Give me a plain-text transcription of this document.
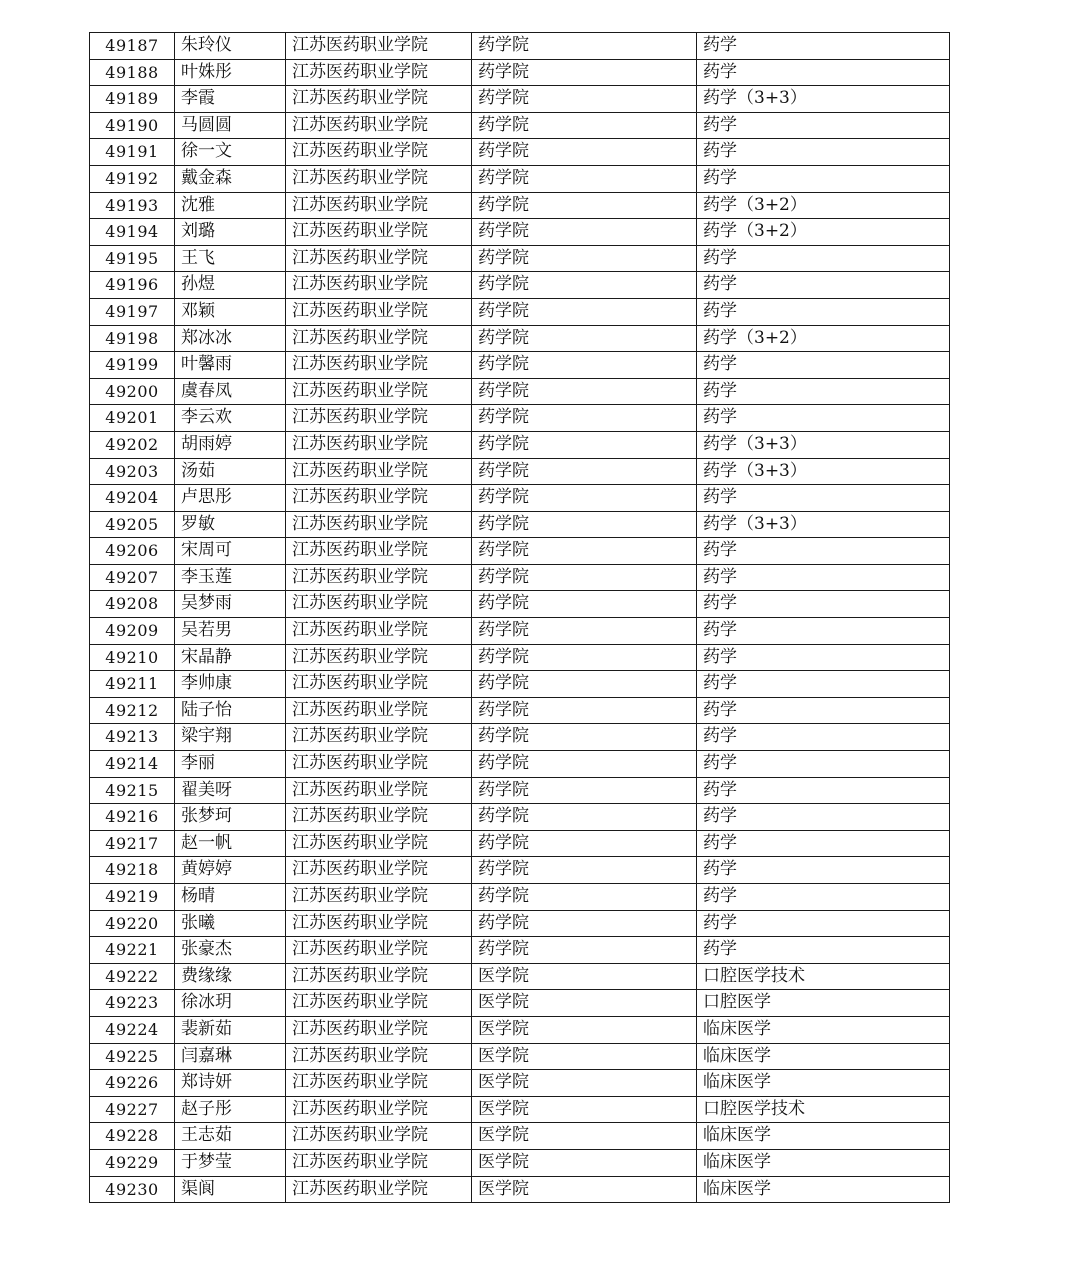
49187	朱玲仪	江苏医药职业学院	药学院	药学
49188	叶姝彤	江苏医药职业学院	药学院	药学
49189	李霞	江苏医药职业学院	药学院	药学（3+3）
49190	马圆圆	江苏医药职业学院	药学院	药学
49191	徐一文	江苏医药职业学院	药学院	药学
49192	戴金森	江苏医药职业学院	药学院	药学
49193	沈雅	江苏医药职业学院	药学院	药学（3+2）
49194	刘璐	江苏医药职业学院	药学院	药学（3+2）
49195	王飞	江苏医药职业学院	药学院	药学
49196	孙煜	江苏医药职业学院	药学院	药学
49197	邓颖	江苏医药职业学院	药学院	药学
49198	郑冰冰	江苏医药职业学院	药学院	药学（3+2）
49199	叶馨雨	江苏医药职业学院	药学院	药学
49200	虞春凤	江苏医药职业学院	药学院	药学
49201	李云欢	江苏医药职业学院	药学院	药学
49202	胡雨婷	江苏医药职业学院	药学院	药学（3+3）
49203	汤茹	江苏医药职业学院	药学院	药学（3+3）
49204	卢思彤	江苏医药职业学院	药学院	药学
49205	罗敏	江苏医药职业学院	药学院	药学（3+3）
49206	宋周可	江苏医药职业学院	药学院	药学
49207	李玉莲	江苏医药职业学院	药学院	药学
49208	吴梦雨	江苏医药职业学院	药学院	药学
49209	吴若男	江苏医药职业学院	药学院	药学
49210	宋晶静	江苏医药职业学院	药学院	药学
49211	李帅康	江苏医药职业学院	药学院	药学
49212	陆子怡	江苏医药职业学院	药学院	药学
49213	梁宇翔	江苏医药职业学院	药学院	药学
49214	李丽	江苏医药职业学院	药学院	药学
49215	翟美呀	江苏医药职业学院	药学院	药学
49216	张梦珂	江苏医药职业学院	药学院	药学
49217	赵一帆	江苏医药职业学院	药学院	药学
49218	黄婷婷	江苏医药职业学院	药学院	药学
49219	杨晴	江苏医药职业学院	药学院	药学
49220	张曦	江苏医药职业学院	药学院	药学
49221	张豪杰	江苏医药职业学院	药学院	药学
49222	费缘缘	江苏医药职业学院	医学院	口腔医学技术
49223	徐冰玥	江苏医药职业学院	医学院	口腔医学
49224	裴新茹	江苏医药职业学院	医学院	临床医学
49225	闫嘉琳	江苏医药职业学院	医学院	临床医学
49226	郑诗妍	江苏医药职业学院	医学院	临床医学
49227	赵子彤	江苏医药职业学院	医学院	口腔医学技术
49228	王志茹	江苏医药职业学院	医学院	临床医学
49229	于梦莹	江苏医药职业学院	医学院	临床医学
49230	渠阆	江苏医药职业学院	医学院	临床医学
